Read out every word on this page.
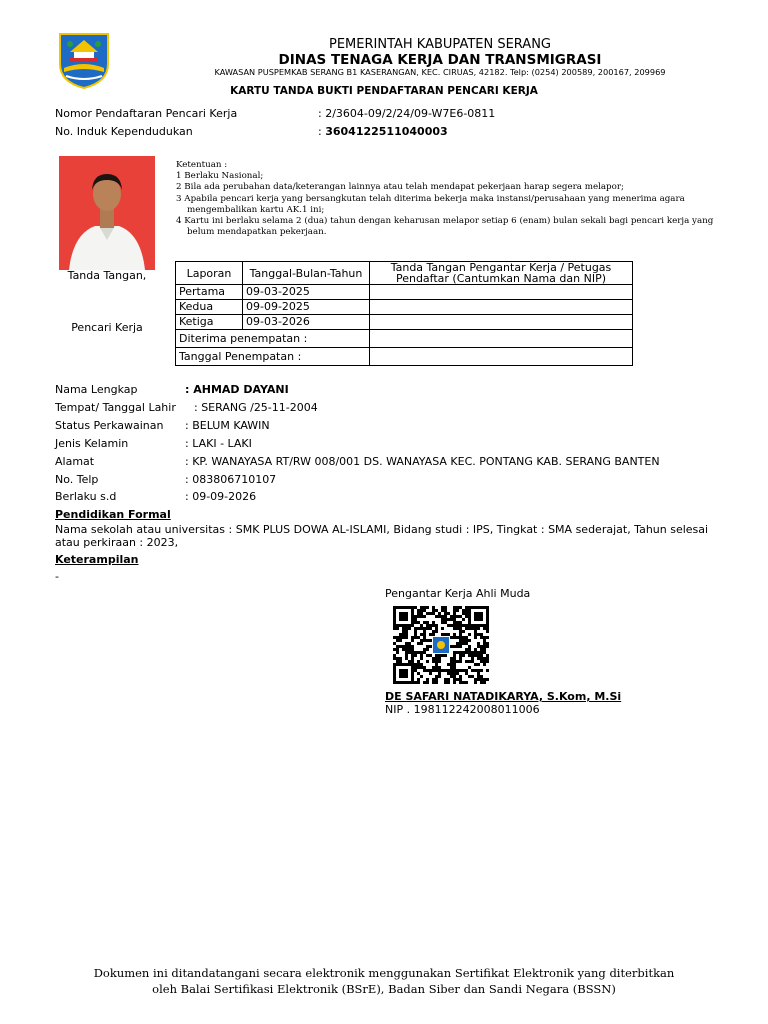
PEMERINTAH KABUPATEN SERANG
DINAS TENAGA KERJA DAN TRANSMIGRASI
KAWASAN PUSPEMKAB SERANG B1 KASERANGAN, KEC. CIRUAS, 42182. Telp: (0254) 200589, 200167, 209969
KARTU TANDA BUKTI PENDAFTARAN PENCARI KERJA
Nomor Pendaftaran Pencari Kerja	: 2/3604-09/2/24/09-W7E6-0811
No. Induk Kependudukan	: 3604122511040003
Tanda Tangan,
Pencari Kerja
Ketentuan :
1 Berlaku Nasional;
2 Bila ada perubahan data/keterangan lainnya atau telah mendapat pekerjaan harap segera melapor;
3 Apabila pencari kerja yang bersangkutan telah diterima bekerja maka instansi/perusahaan yang menerima agara mengembalikan kartu AK.1 ini;
4 Kartu ini berlaku selama 2 (dua) tahun dengan keharusan melapor setiap 6 (enam) bulan sekali bagi pencari kerja yang belum mendapatkan pekerjaan.
Laporan	Tanggal-Bulan-Tahun	Tanda Tangan Pengantar Kerja / Petugas Pendaftar (Cantumkan Nama dan NIP)
Pertama	09-03-2025	
Kedua	09-09-2025	
Ketiga	09-03-2026	
Diterima penempatan :		
Tanggal Penempatan :		
Nama Lengkap	: AHMAD DAYANI
Tempat/ Tanggal Lahir : SERANG /25-11-2004
Status Perkawainan : BELUM KAWIN
Jenis Kelamin	: LAKI - LAKI
Alamat	: KP. WANAYASA RT/RW 008/001 DS. WANAYASA KEC. PONTANG KAB. SERANG BANTEN
No. Telp	: 083806710107
Berlaku s.d	: 09-09-2026
Pendidikan Formal
Nama sekolah atau universitas : SMK PLUS DOWA AL-ISLAMI, Bidang studi : IPS, Tingkat : SMA sederajat, Tahun selesai atau perkiraan : 2023,
Keterampilan
-
Pengantar Kerja Ahli Muda
DE SAFARI NATADIKARYA, S.Kom, M.Si
NIP . 198112242008011006
Dokumen ini ditandatangani secara elektronik menggunakan Sertifikat Elektronik yang diterbitkan
oleh Balai Sertifikasi Elektronik (BSrE), Badan Siber dan Sandi Negara (BSSN)
